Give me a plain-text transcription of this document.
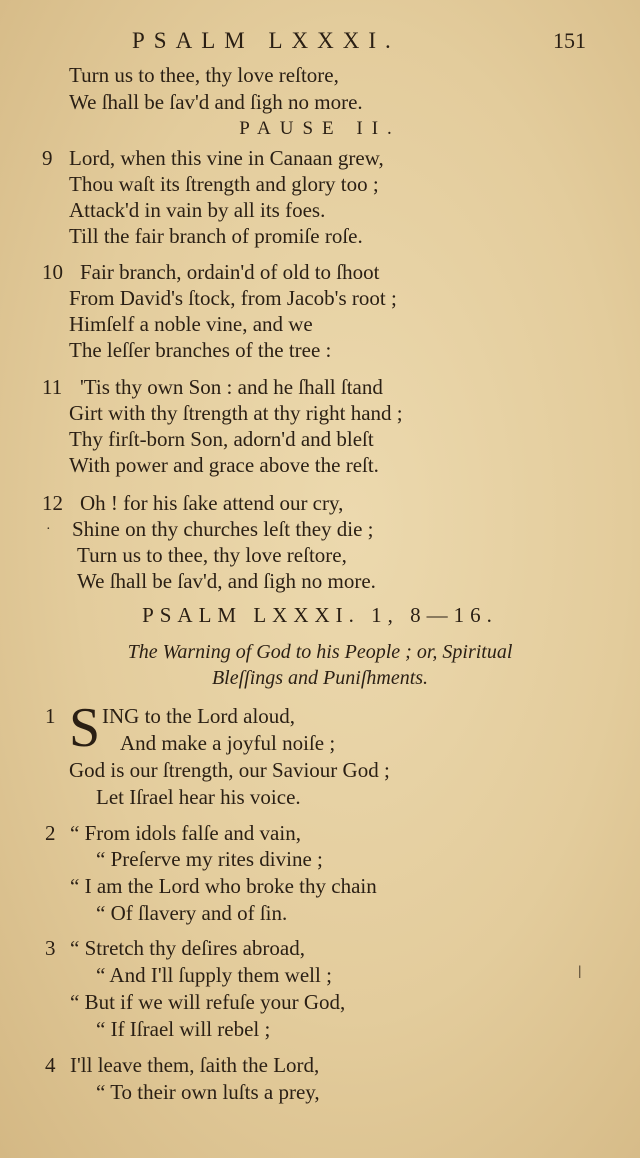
PSALM LXXXI.	151
Turn us to thee, thy love reſtore,
We ſhall be ſav'd and ſigh no more.
PAUSE II.
9 Lord, when this vine in Canaan grew,
Thou waſt its ſtrength and glory too ;
Attack'd in vain by all its foes.
Till the fair branch of promiſe roſe.
10 Fair branch, ordain'd of old to ſhoot
From David's ſtock, from Jacob's root ;
Himſelf a noble vine, and we
The leſſer branches of the tree :
11 'Tis thy own Son : and he ſhall ſtand
Girt with thy ſtrength at thy right hand ;
Thy firſt-born Son, adorn'd and bleſt
With power and grace above the reſt.
12 Oh ! for his ſake attend our cry,
Shine on thy churches leſt they die ;
Turn us to thee, thy love reſtore,
We ſhall be ſav'd, and ſigh no more.
PSALM LXXXI. 1, 8—16.
The Warning of God to his People ; or, Spiritual
Bleſſings and Puniſhments.
1 S ING to the Lord aloud,
And make a joyful noiſe ;
God is our ſtrength, our Saviour God ;
Let Iſrael hear his voice.
2 “ From idols falſe and vain,
“ Preſerve my rites divine ;
“ I am the Lord who broke thy chain
“ Of ſlavery and of ſin.
3 “ Stretch thy deſires abroad,
“ And I'll ſupply them well ;
“ But if we will refuſe your God,
“ If Iſrael will rebel ;
4 I'll leave them, ſaith the Lord,
“ To their own luſts a prey,
ǀ
·
